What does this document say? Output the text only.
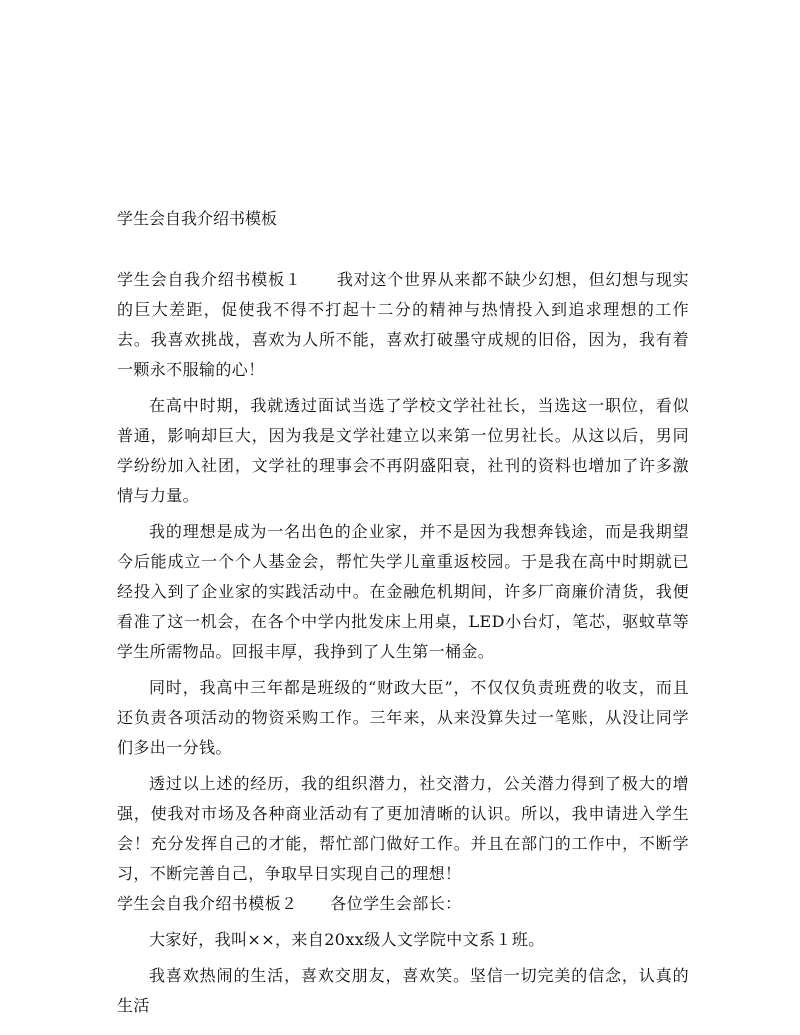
学生会自我介绍书模板

学生会自我介绍书模板１ 我对这个世界从来都不缺少幻想，但幻想与现实的巨大差距，促使我不得不打起十二分的精神与热情投入到追求理想的工作去。我喜欢挑战，喜欢为人所不能，喜欢打破墨守成规的旧俗，因为，我有着一颗永不服输的心！

在高中时期，我就透过面试当选了学校文学社社长，当选这一职位，看似普通，影响却巨大，因为我是文学社建立以来第一位男社长。从这以后，男同学纷纷加入社团，文学社的理事会不再阴盛阳衰，社刊的资料也增加了许多激情与力量。

我的理想是成为一名出色的企业家，并不是因为我想奔钱途，而是我期望今后能成立一个个人基金会，帮忙失学儿童重返校园。于是我在高中时期就已经投入到了企业家的实践活动中。在金融危机期间，许多厂商廉价清货，我便看准了这一机会，在各个中学内批发床上用桌，LED小台灯，笔芯，驱蚊草等学生所需物品。回报丰厚，我挣到了人生第一桶金。

同时，我高中三年都是班级的“财政大臣”，不仅仅负责班费的收支，而且还负责各项活动的物资采购工作。三年来，从来没算失过一笔账，从没让同学们多出一分钱。

透过以上述的经历，我的组织潜力，社交潜力，公关潜力得到了极大的增强，使我对市场及各种商业活动有了更加清晰的认识。所以，我申请进入学生会！充分发挥自己的才能，帮忙部门做好工作。并且在部门的工作中，不断学习，不断完善自己，争取早日实现自己的理想！

学生会自我介绍书模板２ 各位学生会部长：

大家好，我叫××，来自20xx级人文学院中文系１班。

我喜欢热闹的生活，喜欢交朋友，喜欢笑。坚信一切完美的信念，认真的生活
